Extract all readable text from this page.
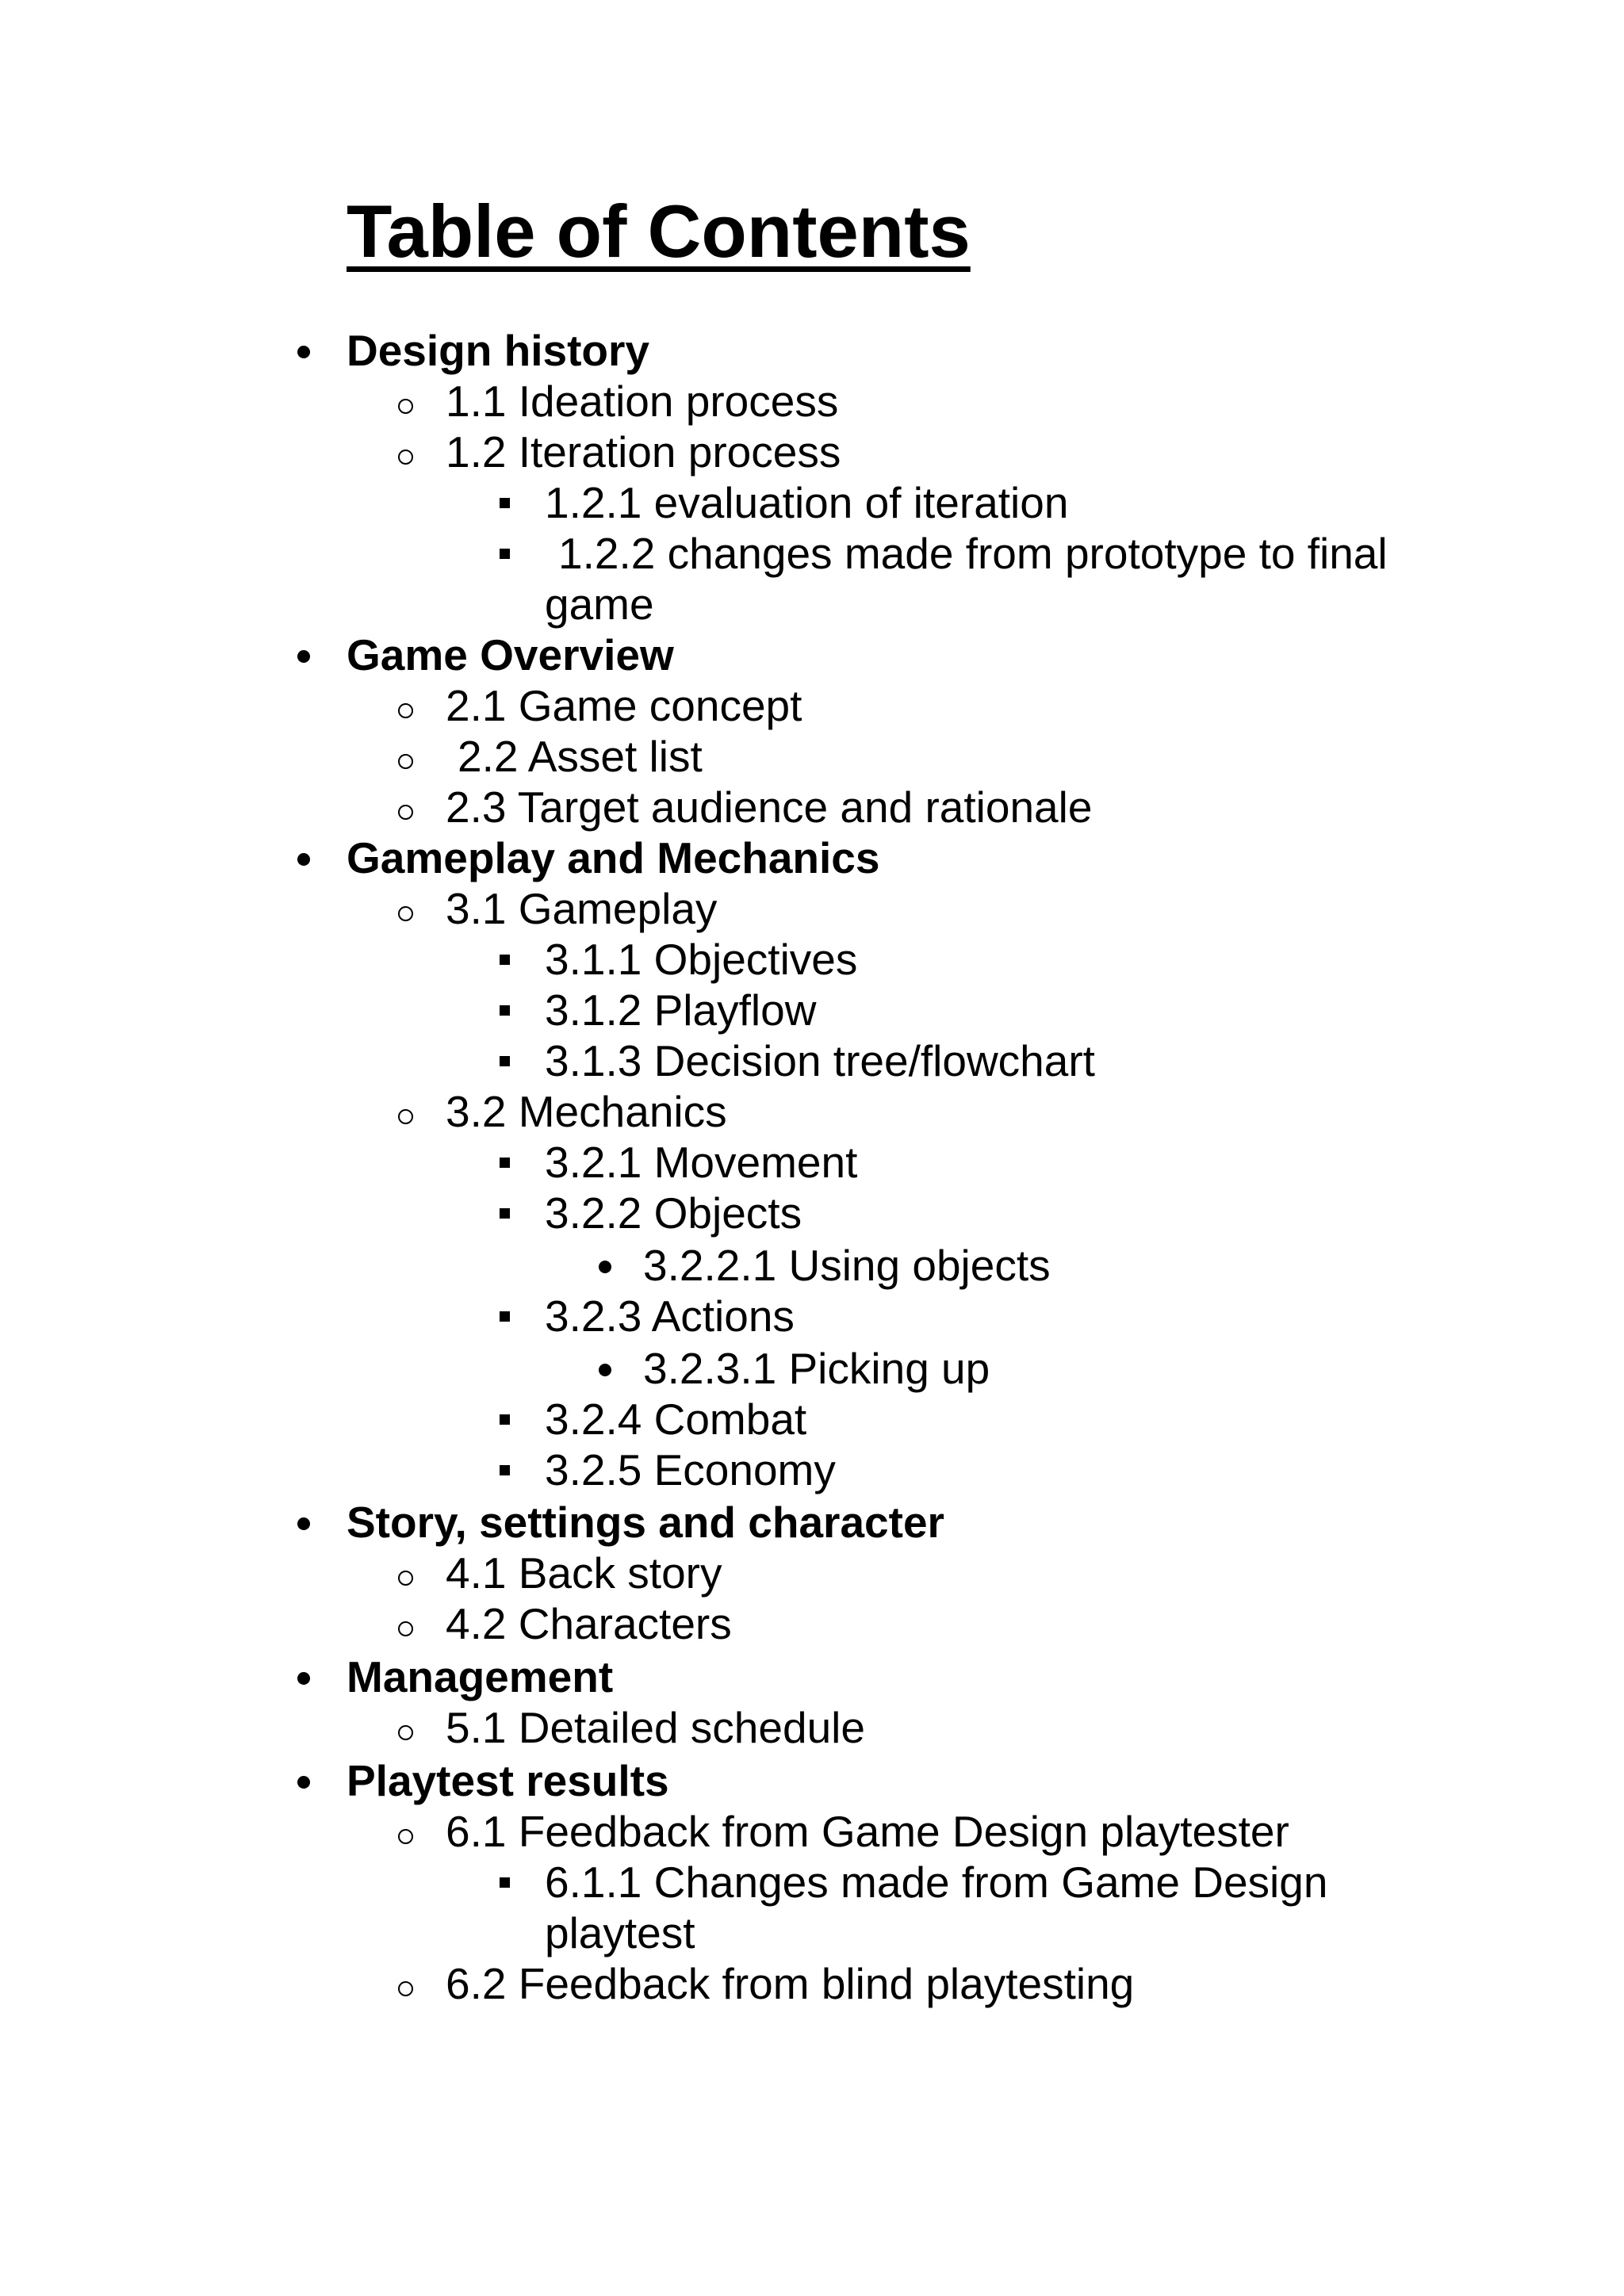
Table of Contents
Design history
1.1 Ideation process
1.2 Iteration process
1.2.1 evaluation of iteration
1.2.2 changes made from prototype to final
game
Game Overview
2.1 Game concept
2.2 Asset list
2.3 Target audience and rationale
Gameplay and Mechanics
3.1 Gameplay
3.1.1 Objectives
3.1.2 Playflow
3.1.3 Decision tree/flowchart
3.2 Mechanics
3.2.1 Movement
3.2.2 Objects
3.2.2.1 Using objects
3.2.3 Actions
3.2.3.1 Picking up
3.2.4 Combat
3.2.5 Economy
Story, settings and character
4.1 Back story
4.2 Characters
Management
5.1 Detailed schedule
Playtest results
6.1 Feedback from Game Design playtester
6.1.1 Changes made from Game Design
playtest
6.2 Feedback from blind playtesting
